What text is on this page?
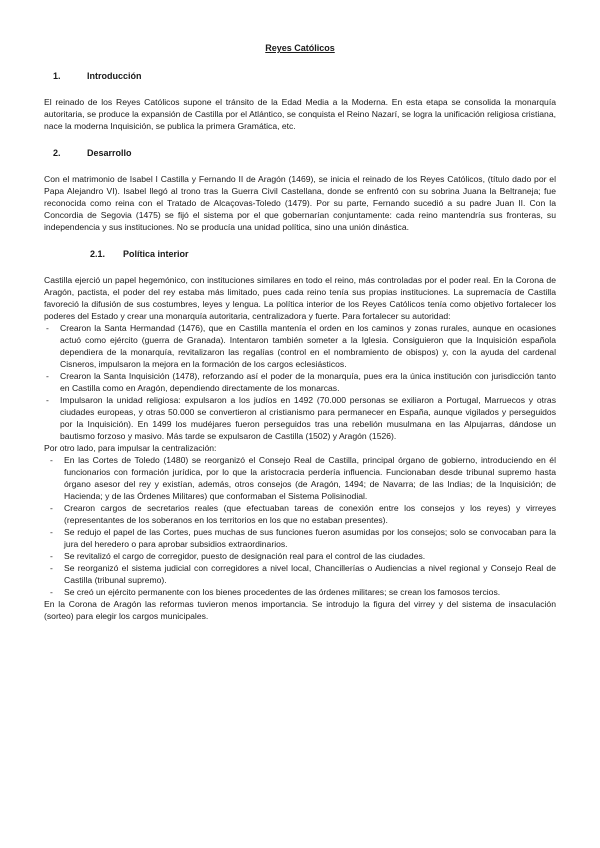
Reyes Católicos
1.	Introducción

El reinado de los Reyes Católicos supone el tránsito de la Edad Media a la Moderna. En esta etapa se consolida la monarquía autoritaria, se produce la expansión de Castilla por el Atlántico, se conquista el Reino Nazarí, se logra la unificación religiosa cristiana, nace la moderna Inquisición, se publica la primera Gramática, etc.

2.	Desarrollo

Con el matrimonio de Isabel I Castilla y Fernando II de Aragón (1469), se inicia el reinado de los Reyes Católicos, (título dado por el Papa Alejandro VI). Isabel llegó al trono tras la Guerra Civil Castellana, donde se enfrentó con su sobrina Juana la Beltraneja; fue reconocida como reina con el Tratado de Alcaçovas-Toledo (1479). Por su parte, Fernando sucedió a su padre Juan II. Con la Concordia de Segovia (1475) se fijó el sistema por el que gobernarían conjuntamente: cada reino mantendría sus fronteras, su independencia y sus instituciones. No se producía una unidad política, sino una unión dinástica.

2.1.	Política interior

Castilla ejerció un papel hegemónico, con instituciones similares en todo el reino, más controladas por el poder real. En la Corona de Aragón, pactista, el poder del rey estaba más limitado, pues cada reino tenía sus propias instituciones. La supremacía de Castilla favoreció la difusión de sus costumbres, leyes y lengua. La política interior de los Reyes Católicos tenía como objetivo fortalecer los poderes del Estado y crear una monarquía autoritaria, centralizadora y fuerte. Para fortalecer su autoridad:

- Crearon la Santa Hermandad (1476), que en Castilla mantenía el orden en los caminos y zonas rurales, aunque en ocasiones actuó como ejército (guerra de Granada). Intentaron también someter a la Iglesia. Consiguieron que la Inquisición española dependiera de la monarquía, revitalizaron las regalías (control en el nombramiento de obispos) y, con la ayuda del cardenal Cisneros, impulsaron la mejora en la formación de los cargos eclesiásticos.
- Crearon la Santa Inquisición (1478), reforzando así el poder de la monarquía, pues era la única institución con jurisdicción tanto en Castilla como en Aragón, dependiendo directamente de los monarcas.
- Impulsaron la unidad religiosa: expulsaron a los judíos en 1492 (70.000 personas se exiliaron a Portugal, Marruecos y otras ciudades europeas, y otras 50.000 se convertieron al cristianismo para permanecer en España, aunque vigilados y perseguidos por la Inquisición). En 1499 los mudéjares fueron perseguidos tras una rebelión musulmana en las Alpujarras, dándose un bautismo forzoso y masivo. Más tarde se expulsaron de Castilla (1502) y Aragón (1526).

Por otro lado, para impulsar la centralización:

- En las Cortes de Toledo (1480) se reorganizó el Consejo Real de Castilla, principal órgano de gobierno, introduciendo en él funcionarios con formación jurídica, por lo que la aristocracia perdería influencia. Funcionaban desde tribunal supremo hasta órgano asesor del rey y existían, además, otros consejos (de Aragón, 1494; de Navarra; de las Indias; de la Inquisición; de Hacienda; y de las Órdenes Militares) que conformaban el Sistema Polisinodial.
- Crearon cargos de secretarios reales (que efectuaban tareas de conexión entre los consejos y los reyes) y virreyes (representantes de los soberanos en los territorios en los que no estaban presentes).
- Se redujo el papel de las Cortes, pues muchas de sus funciones fueron asumidas por los consejos; solo se convocaban para la jura del heredero o para aprobar subsidios extraordinarios.
- Se revitalizó el cargo de corregidor, puesto de designación real para el control de las ciudades.
- Se reorganizó el sistema judicial con corregidores a nivel local, Chancillerías o Audiencias a nivel regional y Consejo Real de Castilla (tribunal supremo).
- Se creó un ejército permanente con los bienes procedentes de las órdenes militares; se crean los famosos tercios.

En la Corona de Aragón las reformas tuvieron menos importancia. Se introdujo la figura del virrey y del sistema de insaculación (sorteo) para elegir los cargos municipales.
